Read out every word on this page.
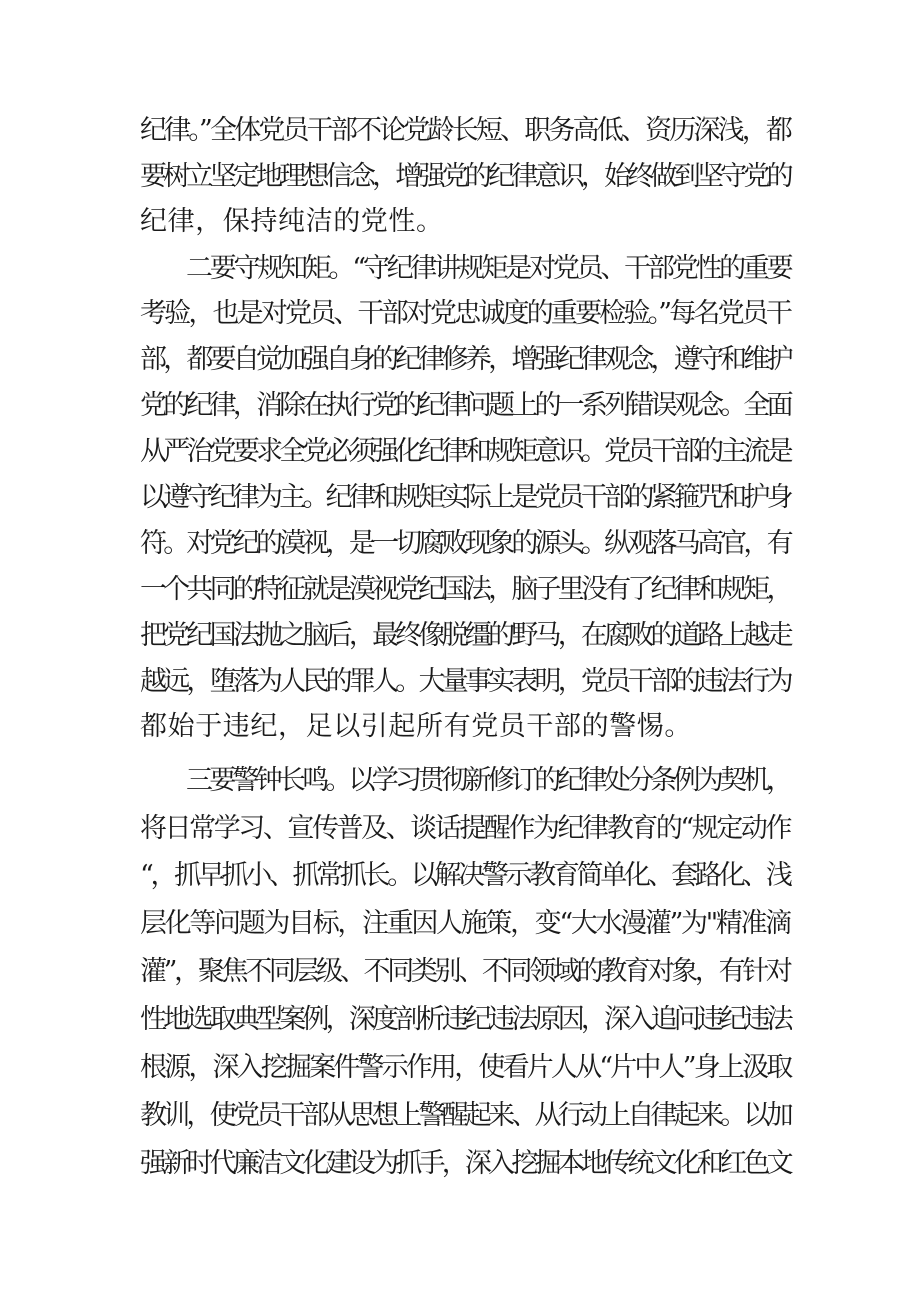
纪律。”全体党员干部不论党龄长短、职务高低、资历深浅，都
要树立坚定地理想信念，增强党的纪律意识，始终做到坚守党的
纪律，保持纯洁的党性。
二要守规知矩。“守纪律讲规矩是对党员、干部党性的重要
考验，也是对党员、干部对党忠诚度的重要检验。”每名党员干
部，都要自觉加强自身的纪律修养，增强纪律观念，遵守和维护
党的纪律，消除在执行党的纪律问题上的一系列错误观念。全面
从严治党要求全党必须强化纪律和规矩意识。党员干部的主流是
以遵守纪律为主。纪律和规矩实际上是党员干部的紧箍咒和护身
符。对党纪的漠视，是一切腐败现象的源头。纵观落马高官，有
一个共同的特征就是漠视党纪国法，脑子里没有了纪律和规矩，
把党纪国法抛之脑后，最终像脱缰的野马，在腐败的道路上越走
越远，堕落为人民的罪人。大量事实表明，党员干部的违法行为
都始于违纪，足以引起所有党员干部的警惕。
三要警钟长鸣。以学习贯彻新修订的纪律处分条例为契机，
将日常学习、宣传普及、谈话提醒作为纪律教育的“规定动作
“，抓早抓小、抓常抓长。以解决警示教育简单化、套路化、浅
层化等问题为目标，注重因人施策，变“大水漫灌”为"精准滴
灌”，聚焦不同层级、不同类别、不同领域的教育对象，有针对
性地选取典型案例，深度剖析违纪违法原因，深入追问违纪违法
根源，深入挖掘案件警示作用，使看片人从“片中人”身上汲取
教训，使党员干部从思想上警醒起来、从行动上自律起来。以加
强新时代廉洁文化建设为抓手，深入挖掘本地传统文化和红色文
